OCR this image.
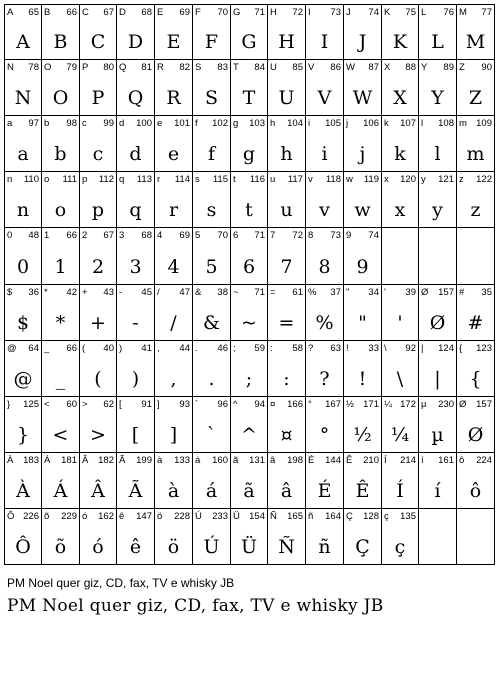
A 65
A
B 66
B
C 67
C
D 68
D
E 69
E
F 70
F
G 71
G
H 72
H
I 73
I
J 74
J
K 75
K
L 76
L
M 77
M
N 78
N
O 79
O
P 80
P
Q 81
Q
R 82
R
S 83
S
T 84
T
U 85
U
V 86
V
W 87
W
X 88
X
Y 89
Y
Z 90
Z
a 97
a
b 98
b
c 99
c
d 100
d
e 101
e
f 102
f
g 103
g
h 104
h
i 105
i
j 106
j
k 107
k
l 108
l
m 109
m
n 110
n
o 111
o
p 112
p
q 113
q
r 114
r
s 115
s
t 116
t
u 117
u
v 118
v
w 119
w
x 120
x
y 121
y
z 122
z
0 48
0
1 66
1
2 67
2
3 68
3
4 69
4
5 70
5
6 71
6
7 72
7
8 73
8
9 74
9
$ 36
$
* 42
*
+ 43
+
- 45
-
/ 47
/
& 38
&
~ 71
~
= 61
=
% 37
%
" 34
"
' 39
'
Ø 157
Ø
# 35
#
@ 64
@
_ 66
_
( 40
(
) 41
)
, 44
,
. 46
.
; 59
;
: 58
:
? 63
?
! 33
!
\ 92
\
| 124
|
{ 123
{
} 125
}
< 60
<
> 62
>
[ 91
[
] 93
]
` 96
`
^ 94
^
¤ 166
¤
° 167
°
½ 171
½
¼ 172
¼
µ 230
µ
Ø 157
Ø
À 183
À
Á 181
Á
Â 182
Â
Ã 199
Ã
à 133
à
á 160
á
ã 131
ã
â 198
â
É 144
É
Ê 210
Ê
Í 214
Í
í 161
í
ô 224
ô
Ô 226
Ô
õ 229
õ
ó 162
ó
ê 147
ê
ö 228
ö
Ú 233
Ú
Ü 154
Ü
Ñ 165
Ñ
ñ 164
ñ
Ç 128
Ç
ç 135
ç
PM Noel quer giz, CD, fax, TV e whisky JB
PM Noel quer giz, CD, fax, TV e whisky JB
